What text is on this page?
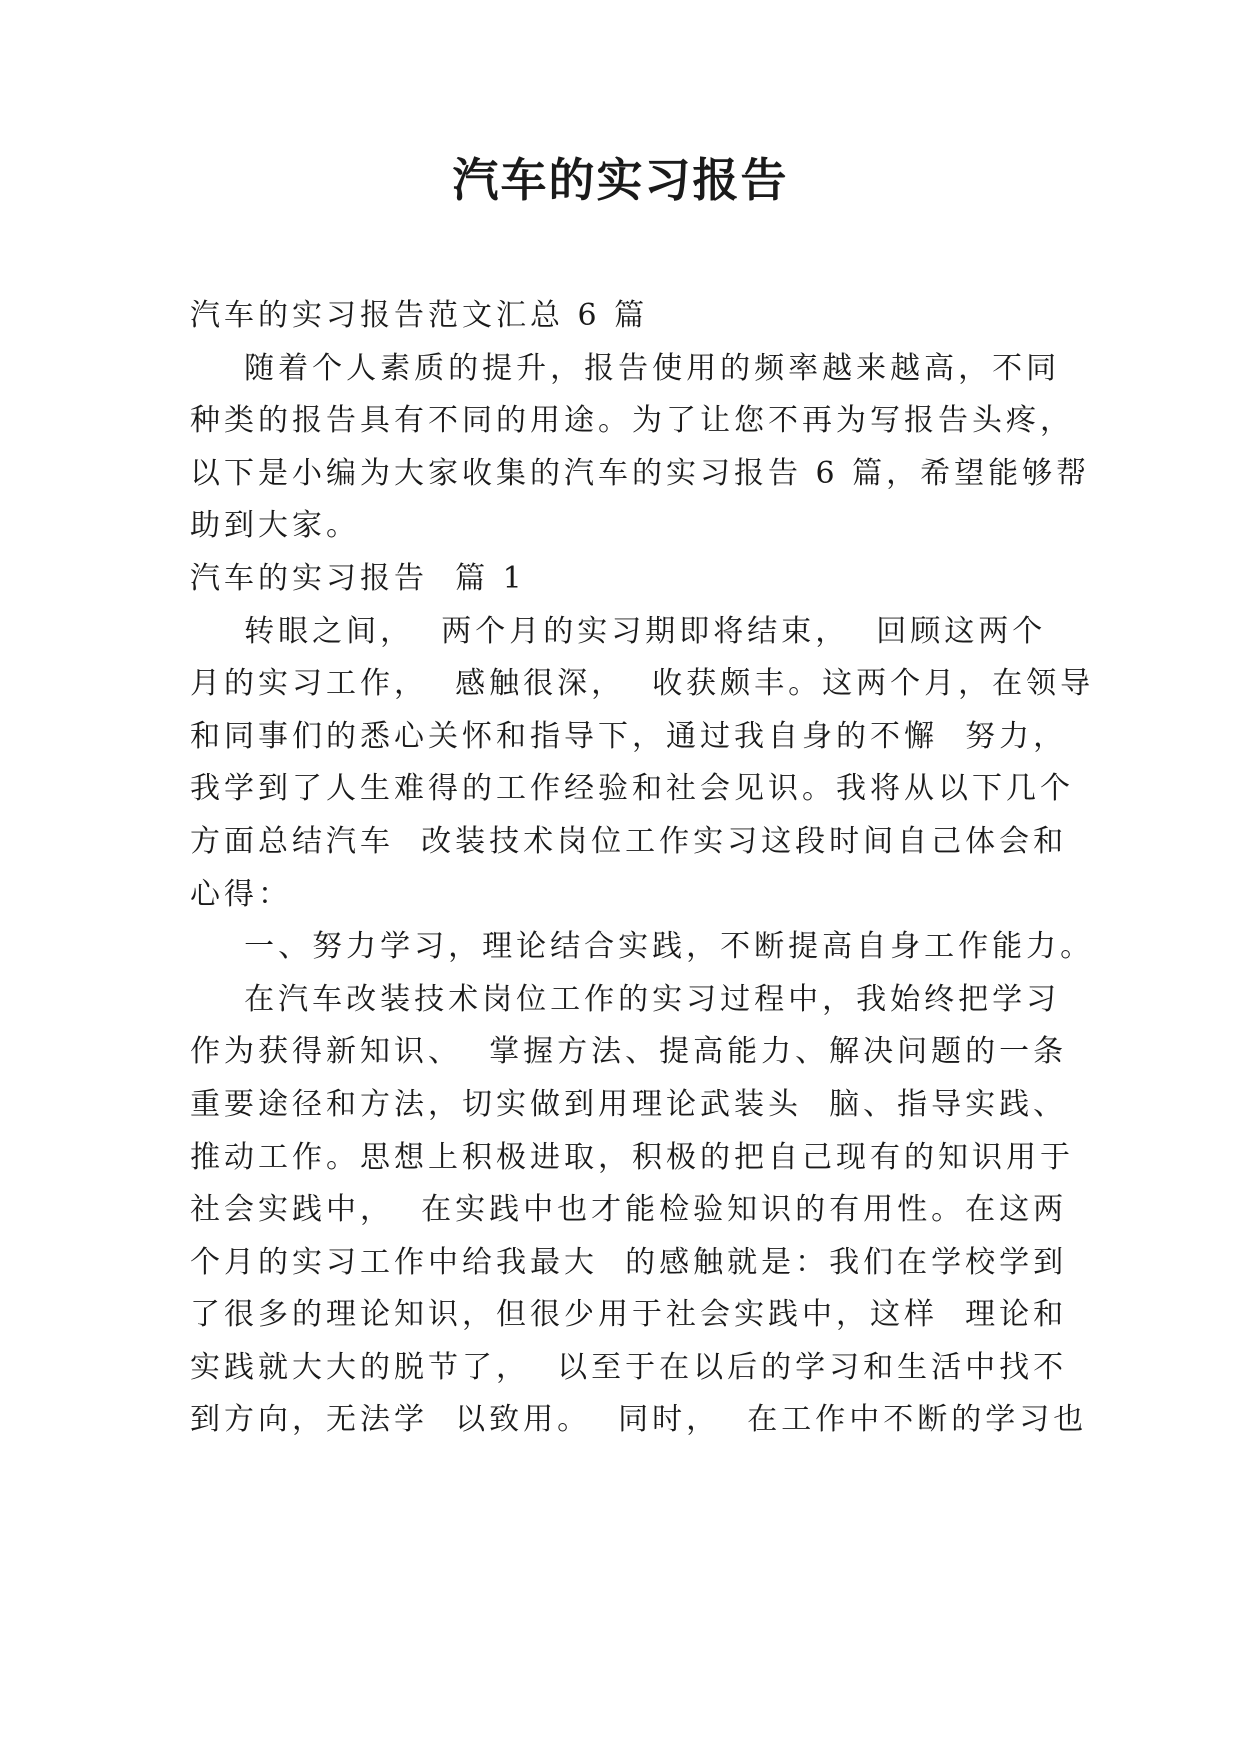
汽车的实习报告
汽车的实习报告范文汇总 6 篇
随着个人素质的提升，报告使用的频率越来越高，不同
种类的报告具有不同的用途。为了让您不再为写报告头疼，
以下是小编为大家收集的汽车的实习报告 6 篇，希望能够帮
助到大家。
汽车的实习报告  篇 1
转眼之间，  两个月的实习期即将结束，  回顾这两个
月的实习工作，  感触很深，  收获颇丰。这两个月，在领导
和同事们的悉心关怀和指导下，通过我自身的不懈  努力，
我学到了人生难得的工作经验和社会见识。我将从以下几个
方面总结汽车  改装技术岗位工作实习这段时间自己体会和
心得：
一、努力学习，理论结合实践，不断提高自身工作能力。
在汽车改装技术岗位工作的实习过程中，我始终把学习
作为获得新知识、  掌握方法、提高能力、解决问题的一条
重要途径和方法，切实做到用理论武装头  脑、指导实践、
推动工作。思想上积极进取，积极的把自己现有的知识用于
社会实践中，  在实践中也才能检验知识的有用性。在这两
个月的实习工作中给我最大  的感触就是：我们在学校学到
了很多的理论知识，但很少用于社会实践中，这样  理论和
实践就大大的脱节了，  以至于在以后的学习和生活中找不
到方向，无法学  以致用。  同时，  在工作中不断的学习也
